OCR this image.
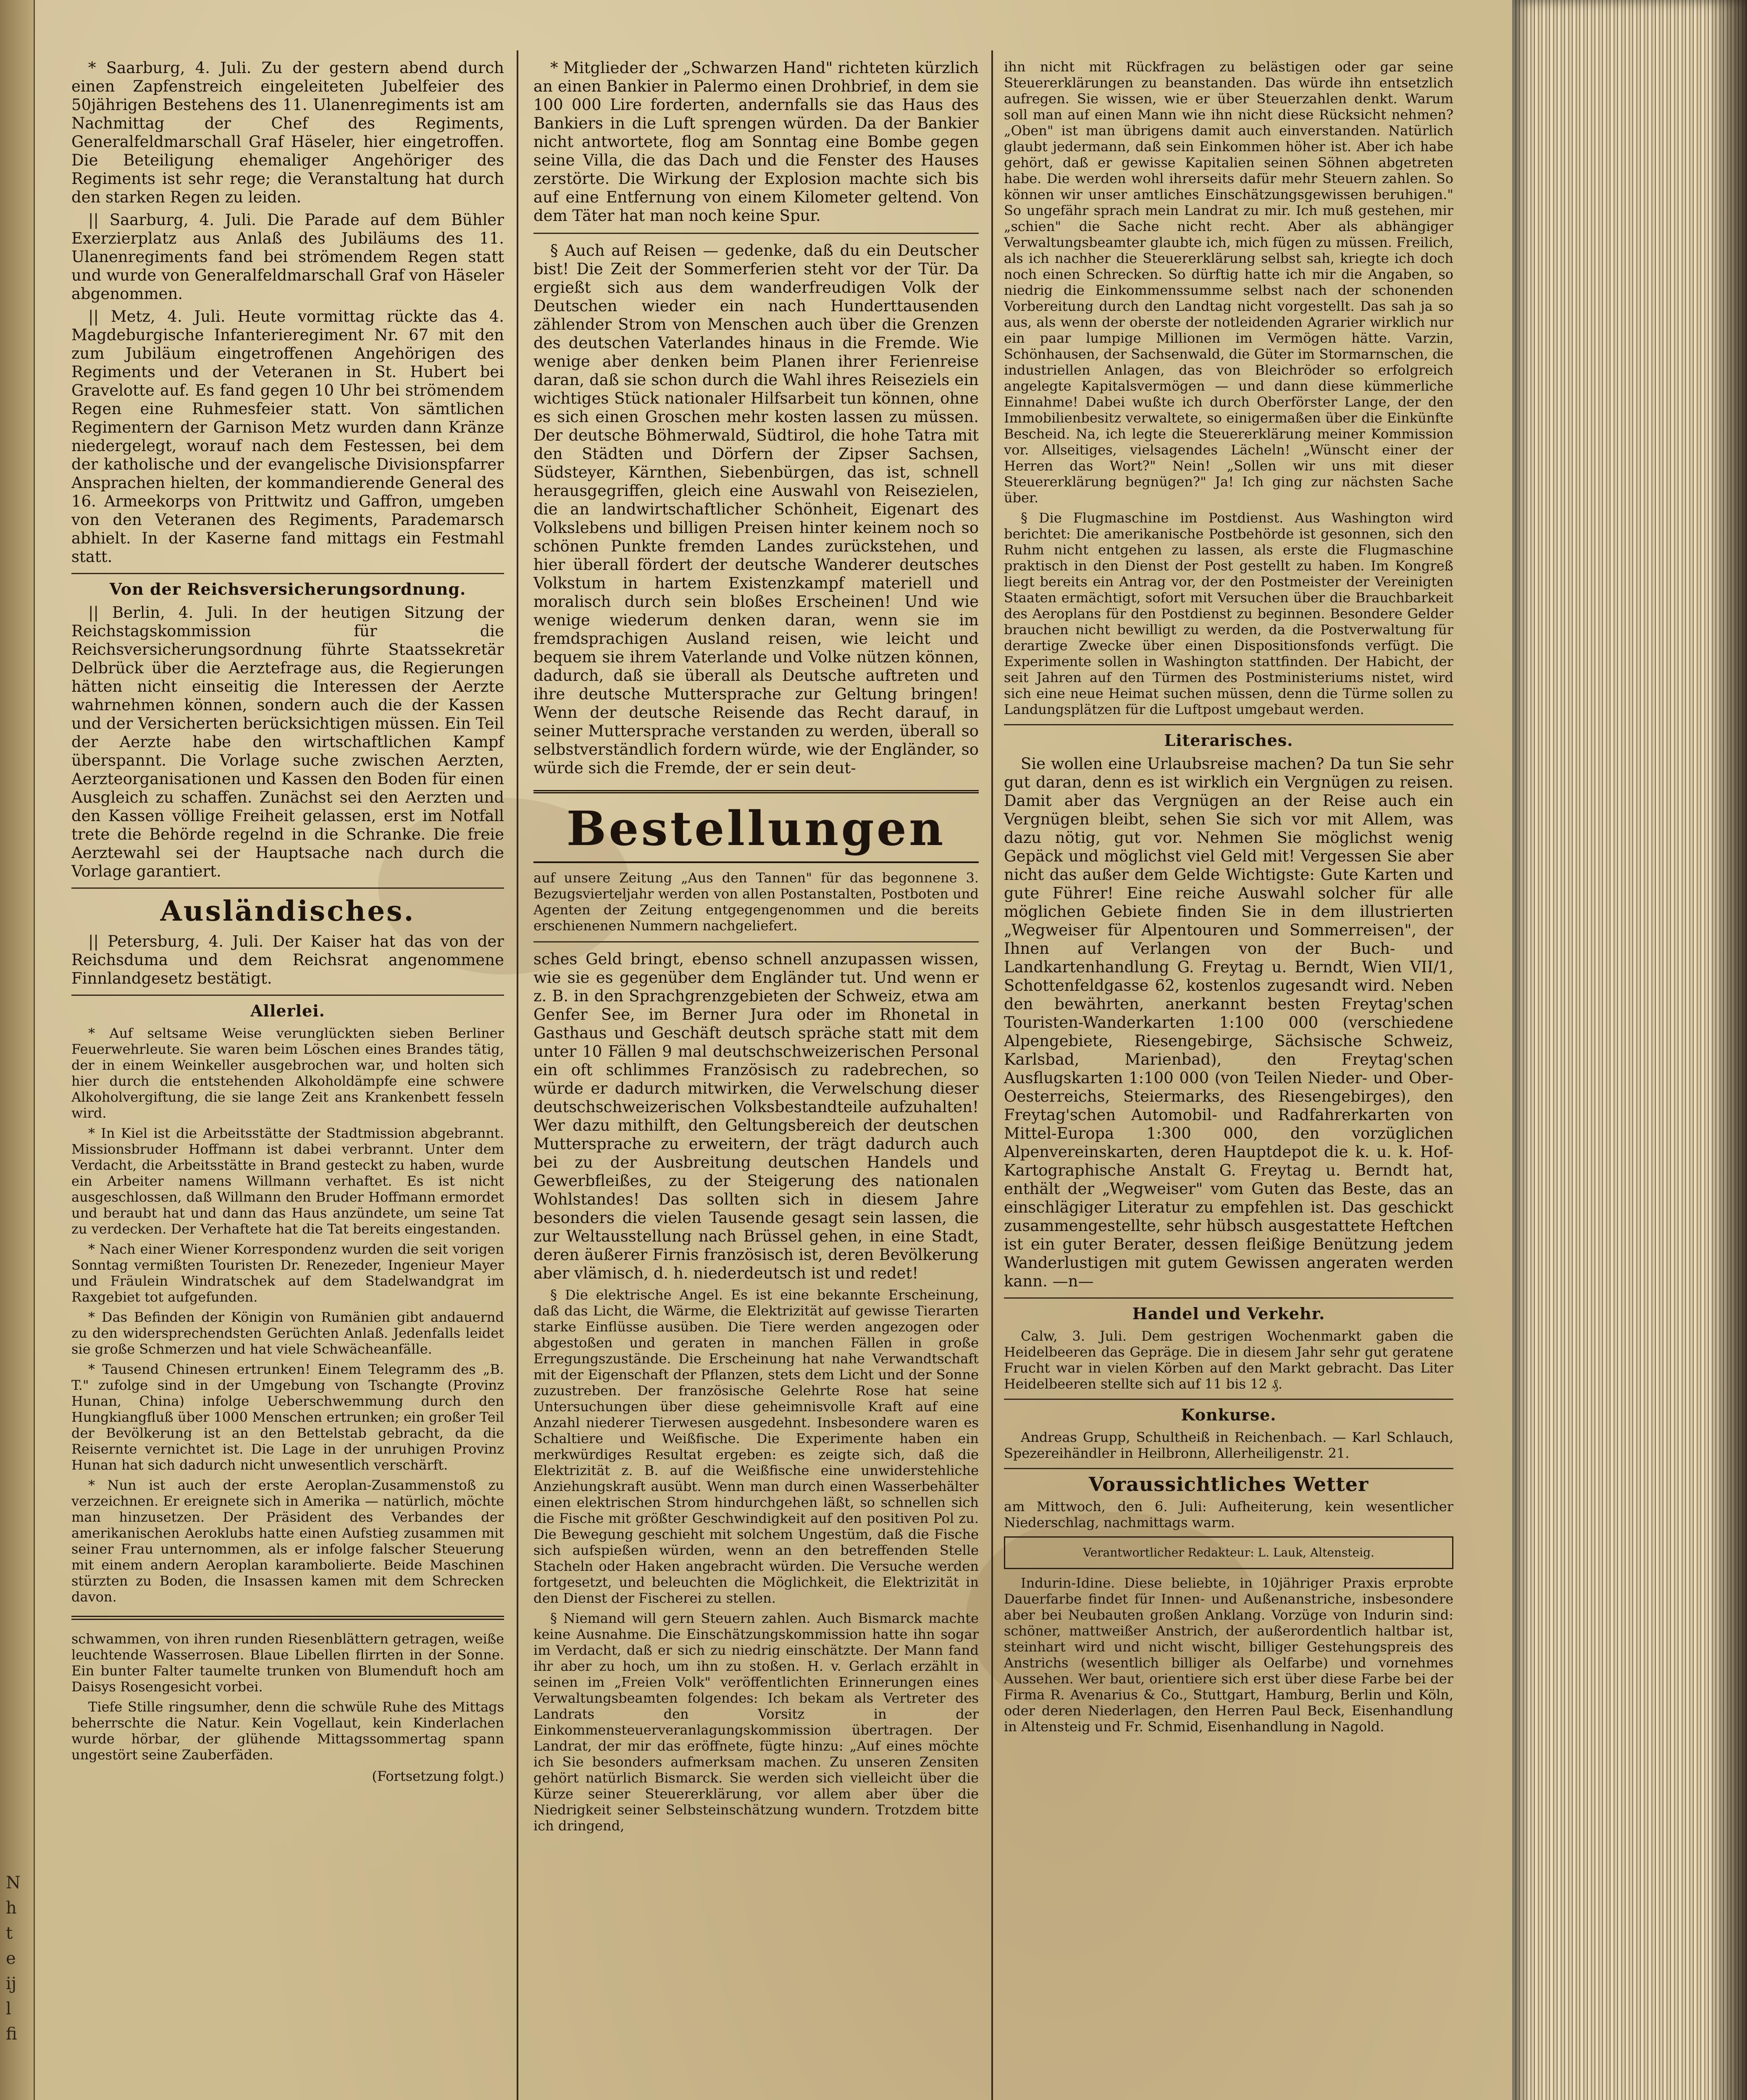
N
h
t
e
ij
l
fi

* Saarburg, 4. Juli. Zu der gestern abend durch einen Zapfenstreich eingeleiteten Jubelfeier des 50jährigen Bestehens des 11. Ulanenregiments ist am Nachmittag der Chef des Regiments, Generalfeldmarschall Graf Häseler, hier eingetroffen. Die Beteiligung ehemaliger Angehöriger des Regiments ist sehr rege; die Veranstaltung hat durch den starken Regen zu leiden.

|| Saarburg, 4. Juli. Die Parade auf dem Bühler Exerzierplatz aus Anlaß des Jubiläums des 11. Ulanenregiments fand bei strömendem Regen statt und wurde von Generalfeldmarschall Graf von Häseler abgenommen.

|| Metz, 4. Juli. Heute vormittag rückte das 4. Magdeburgische Infanterieregiment Nr. 67 mit den zum Jubiläum eingetroffenen Angehörigen des Regiments und der Veteranen in St. Hubert bei Gravelotte auf. Es fand gegen 10 Uhr bei strömendem Regen eine Ruhmesfeier statt. Von sämtlichen Regimentern der Garnison Metz wurden dann Kränze niedergelegt, worauf nach dem Festessen, bei dem der katholische und der evangelische Divisionspfarrer Ansprachen hielten, der kommandierende General des 16. Armeekorps von Prittwitz und Gaffron, umgeben von den Veteranen des Regiments, Parademarsch abhielt. In der Kaserne fand mittags ein Festmahl statt.

Von der Reichsversicherungsordnung.

|| Berlin, 4. Juli. In der heutigen Sitzung der Reichstagskommission für die Reichsversicherungsordnung führte Staatssekretär Delbrück über die Aerztefrage aus, die Regierungen hätten nicht einseitig die Interessen der Aerzte wahrnehmen können, sondern auch die der Kassen und der Versicherten berücksichtigen müssen. Ein Teil der Aerzte habe den wirtschaftlichen Kampf überspannt. Die Vorlage suche zwischen Aerzten, Aerzteorganisationen und Kassen den Boden für einen Ausgleich zu schaffen. Zunächst sei den Aerzten und den Kassen völlige Freiheit gelassen, erst im Notfall trete die Behörde regelnd in die Schranke. Die freie Aerztewahl sei der Hauptsache nach durch die Vorlage garantiert.

Ausländisches.

|| Petersburg, 4. Juli. Der Kaiser hat das von der Reichsduma und dem Reichsrat angenommene Finnlandgesetz bestätigt.

Allerlei.

* Auf seltsame Weise verunglückten sieben Berliner Feuerwehrleute. Sie waren beim Löschen eines Brandes tätig, der in einem Weinkeller ausgebrochen war, und holten sich hier durch die entstehenden Alkoholdämpfe eine schwere Alkoholvergiftung, die sie lange Zeit ans Krankenbett fesseln wird.

* In Kiel ist die Arbeitsstätte der Stadtmission abgebrannt. Missionsbruder Hoffmann ist dabei verbrannt. Unter dem Verdacht, die Arbeitsstätte in Brand gesteckt zu haben, wurde ein Arbeiter namens Willmann verhaftet. Es ist nicht ausgeschlossen, daß Willmann den Bruder Hoffmann ermordet und beraubt hat und dann das Haus anzündete, um seine Tat zu verdecken. Der Verhaftete hat die Tat bereits eingestanden.

* Nach einer Wiener Korrespondenz wurden die seit vorigen Sonntag vermißten Touristen Dr. Renezeder, Ingenieur Mayer und Fräulein Windratschek auf dem Stadelwandgrat im Raxgebiet tot aufgefunden.

* Das Befinden der Königin von Rumänien gibt andauernd zu den widersprechendsten Gerüchten Anlaß. Jedenfalls leidet sie große Schmerzen und hat viele Schwächeanfälle.

* Tausend Chinesen ertrunken! Einem Telegramm des „B. T." zufolge sind in der Umgebung von Tschangte (Provinz Hunan, China) infolge Ueberschwemmung durch den Hungkiangfluß über 1000 Menschen ertrunken; ein großer Teil der Bevölkerung ist an den Bettelstab gebracht, da die Reisernte vernichtet ist. Die Lage in der unruhigen Provinz Hunan hat sich dadurch nicht unwesentlich verschärft.

* Nun ist auch der erste Aeroplan-Zusammenstoß zu verzeichnen. Er ereignete sich in Amerika — natürlich, möchte man hinzusetzen. Der Präsident des Verbandes der amerikanischen Aeroklubs hatte einen Aufstieg zusammen mit seiner Frau unternommen, als er infolge falscher Steuerung mit einem andern Aeroplan karambolierte. Beide Maschinen stürzten zu Boden, die Insassen kamen mit dem Schrecken davon.

schwammen, von ihren runden Riesenblättern getragen, weiße leuchtende Wasserrosen. Blaue Libellen flirrten in der Sonne. Ein bunter Falter taumelte trunken von Blumenduft hoch am Daisys Rosengesicht vorbei.

Tiefe Stille ringsumher, denn die schwüle Ruhe des Mittags beherrschte die Natur. Kein Vogellaut, kein Kinderlachen wurde hörbar, der glühende Mittagssommertag spann ungestört seine Zauberfäden.

(Fortsetzung folgt.)

* Mitglieder der „Schwarzen Hand" richteten kürzlich an einen Bankier in Palermo einen Drohbrief, in dem sie 100 000 Lire forderten, andernfalls sie das Haus des Bankiers in die Luft sprengen würden. Da der Bankier nicht antwortete, flog am Sonntag eine Bombe gegen seine Villa, die das Dach und die Fenster des Hauses zerstörte. Die Wirkung der Explosion machte sich bis auf eine Entfernung von einem Kilometer geltend. Von dem Täter hat man noch keine Spur.

§ Auch auf Reisen — gedenke, daß du ein Deutscher bist! Die Zeit der Sommerferien steht vor der Tür. Da ergießt sich aus dem wanderfreudigen Volk der Deutschen wieder ein nach Hunderttausenden zählender Strom von Menschen auch über die Grenzen des deutschen Vaterlandes hinaus in die Fremde. Wie wenige aber denken beim Planen ihrer Ferienreise daran, daß sie schon durch die Wahl ihres Reiseziels ein wichtiges Stück nationaler Hilfsarbeit tun können, ohne es sich einen Groschen mehr kosten lassen zu müssen. Der deutsche Böhmerwald, Südtirol, die hohe Tatra mit den Städten und Dörfern der Zipser Sachsen, Südsteyer, Kärnthen, Siebenbürgen, das ist, schnell herausgegriffen, gleich eine Auswahl von Reisezielen, die an landwirtschaftlicher Schönheit, Eigenart des Volkslebens und billigen Preisen hinter keinem noch so schönen Punkte fremden Landes zurückstehen, und hier überall fördert der deutsche Wanderer deutsches Volkstum in hartem Existenzkampf materiell und moralisch durch sein bloßes Erscheinen! Und wie wenige wiederum denken daran, wenn sie im fremdsprachigen Ausland reisen, wie leicht und bequem sie ihrem Vaterlande und Volke nützen können, dadurch, daß sie überall als Deutsche auftreten und ihre deutsche Muttersprache zur Geltung bringen! Wenn der deutsche Reisende das Recht darauf, in seiner Muttersprache verstanden zu werden, überall so selbstverständlich fordern würde, wie der Engländer, so würde sich die Fremde, der er sein deut-

Bestellungen

auf unsere Zeitung „Aus den Tannen" für das begonnene 3. Bezugsvierteljahr werden von allen Postanstalten, Postboten und Agenten der Zeitung entgegengenommen und die bereits erschienenen Nummern nachgeliefert.

sches Geld bringt, ebenso schnell anzupassen wissen, wie sie es gegenüber dem Engländer tut. Und wenn er z. B. in den Sprachgrenzgebieten der Schweiz, etwa am Genfer See, im Berner Jura oder im Rhonetal in Gasthaus und Geschäft deutsch spräche statt mit dem unter 10 Fällen 9 mal deutschschweizerischen Personal ein oft schlimmes Französisch zu radebrechen, so würde er dadurch mitwirken, die Verwelschung dieser deutschschweizerischen Volksbestandteile aufzuhalten! Wer dazu mithilft, den Geltungsbereich der deutschen Muttersprache zu erweitern, der trägt dadurch auch bei zu der Ausbreitung deutschen Handels und Gewerbfleißes, zu der Steigerung des nationalen Wohlstandes! Das sollten sich in diesem Jahre besonders die vielen Tausende gesagt sein lassen, die zur Weltausstellung nach Brüssel gehen, in eine Stadt, deren äußerer Firnis französisch ist, deren Bevölkerung aber vlämisch, d. h. niederdeutsch ist und redet!

§ Die elektrische Angel. Es ist eine bekannte Erscheinung, daß das Licht, die Wärme, die Elektrizität auf gewisse Tierarten starke Einflüsse ausüben. Die Tiere werden angezogen oder abgestoßen und geraten in manchen Fällen in große Erregungszustände. Die Erscheinung hat nahe Verwandtschaft mit der Eigenschaft der Pflanzen, stets dem Licht und der Sonne zuzustreben. Der französische Gelehrte Rose hat seine Untersuchungen über diese geheimnisvolle Kraft auf eine Anzahl niederer Tierwesen ausgedehnt. Insbesondere waren es Schaltiere und Weißfische. Die Experimente haben ein merkwürdiges Resultat ergeben: es zeigte sich, daß die Elektrizität z. B. auf die Weißfische eine unwiderstehliche Anziehungskraft ausübt. Wenn man durch einen Wasserbehälter einen elektrischen Strom hindurchgehen läßt, so schnellen sich die Fische mit größter Geschwindigkeit auf den positiven Pol zu. Die Bewegung geschieht mit solchem Ungestüm, daß die Fische sich aufspießen würden, wenn an den betreffenden Stelle Stacheln oder Haken angebracht würden. Die Versuche werden fortgesetzt, und beleuchten die Möglichkeit, die Elektrizität in den Dienst der Fischerei zu stellen.

§ Niemand will gern Steuern zahlen. Auch Bismarck machte keine Ausnahme. Die Einschätzungskommission hatte ihn sogar im Verdacht, daß er sich zu niedrig einschätzte. Der Mann fand ihr aber zu hoch, um ihn zu stoßen. H. v. Gerlach erzählt in seinen im „Freien Volk" veröffentlichten Erinnerungen eines Verwaltungsbeamten folgendes: Ich bekam als Vertreter des Landrats den Vorsitz in der Einkommensteuerveranlagungskommission übertragen. Der Landrat, der mir das eröffnete, fügte hinzu: „Auf eines möchte ich Sie besonders aufmerksam machen. Zu unseren Zensiten gehört natürlich Bismarck. Sie werden sich vielleicht über die Kürze seiner Steuererklärung, vor allem aber über die Niedrigkeit seiner Selbsteinschätzung wundern. Trotzdem bitte ich dringend,

ihn nicht mit Rückfragen zu belästigen oder gar seine Steuererklärungen zu beanstanden. Das würde ihn entsetzlich aufregen. Sie wissen, wie er über Steuerzahlen denkt. Warum soll man auf einen Mann wie ihn nicht diese Rücksicht nehmen? „Oben" ist man übrigens damit auch einverstanden. Natürlich glaubt jedermann, daß sein Einkommen höher ist. Aber ich habe gehört, daß er gewisse Kapitalien seinen Söhnen abgetreten habe. Die werden wohl ihrerseits dafür mehr Steuern zahlen. So können wir unser amtliches Einschätzungsgewissen beruhigen." So ungefähr sprach mein Landrat zu mir. Ich muß gestehen, mir „schien" die Sache nicht recht. Aber als abhängiger Verwaltungsbeamter glaubte ich, mich fügen zu müssen. Freilich, als ich nachher die Steuererklärung selbst sah, kriegte ich doch noch einen Schrecken. So dürftig hatte ich mir die Angaben, so niedrig die Einkommenssumme selbst nach der schonenden Vorbereitung durch den Landtag nicht vorgestellt. Das sah ja so aus, als wenn der oberste der notleidenden Agrarier wirklich nur ein paar lumpige Millionen im Vermögen hätte. Varzin, Schönhausen, der Sachsenwald, die Güter im Stormarnschen, die industriellen Anlagen, das von Bleichröder so erfolgreich angelegte Kapitalsvermögen — und dann diese kümmerliche Einnahme! Dabei wußte ich durch Oberförster Lange, der den Immobilienbesitz verwaltete, so einigermaßen über die Einkünfte Bescheid. Na, ich legte die Steuererklärung meiner Kommission vor. Allseitiges, vielsagendes Lächeln! „Wünscht einer der Herren das Wort?" Nein! „Sollen wir uns mit dieser Steuererklärung begnügen?" Ja! Ich ging zur nächsten Sache über.

§ Die Flugmaschine im Postdienst. Aus Washington wird berichtet: Die amerikanische Postbehörde ist gesonnen, sich den Ruhm nicht entgehen zu lassen, als erste die Flugmaschine praktisch in den Dienst der Post gestellt zu haben. Im Kongreß liegt bereits ein Antrag vor, der den Postmeister der Vereinigten Staaten ermächtigt, sofort mit Versuchen über die Brauchbarkeit des Aeroplans für den Postdienst zu beginnen. Besondere Gelder brauchen nicht bewilligt zu werden, da die Postverwaltung für derartige Zwecke über einen Dispositionsfonds verfügt. Die Experimente sollen in Washington stattfinden. Der Habicht, der seit Jahren auf den Türmen des Postministeriums nistet, wird sich eine neue Heimat suchen müssen, denn die Türme sollen zu Landungsplätzen für die Luftpost umgebaut werden.

Literarisches.

Sie wollen eine Urlaubsreise machen? Da tun Sie sehr gut daran, denn es ist wirklich ein Vergnügen zu reisen. Damit aber das Vergnügen an der Reise auch ein Vergnügen bleibt, sehen Sie sich vor mit Allem, was dazu nötig, gut vor. Nehmen Sie möglichst wenig Gepäck und möglichst viel Geld mit! Vergessen Sie aber nicht das außer dem Gelde Wichtigste: Gute Karten und gute Führer! Eine reiche Auswahl solcher für alle möglichen Gebiete finden Sie in dem illustrierten „Wegweiser für Alpentouren und Sommerreisen", der Ihnen auf Verlangen von der Buch- und Landkartenhandlung G. Freytag u. Berndt, Wien VII/1, Schottenfeldgasse 62, kostenlos zugesandt wird. Neben den bewährten, anerkannt besten Freytag'schen Touristen-Wanderkarten 1:100 000 (verschiedene Alpengebiete, Riesengebirge, Sächsische Schweiz, Karlsbad, Marienbad), den Freytag'schen Ausflugskarten 1:100 000 (von Teilen Nieder- und Ober-Oesterreichs, Steiermarks, des Riesengebirges), den Freytag'schen Automobil- und Radfahrerkarten von Mittel-Europa 1:300 000, den vorzüglichen Alpenvereinskarten, deren Hauptdepot die k. u. k. Hof-Kartographische Anstalt G. Freytag u. Berndt hat, enthält der „Wegweiser" vom Guten das Beste, das an einschlägiger Literatur zu empfehlen ist. Das geschickt zusammengestellte, sehr hübsch ausgestattete Heftchen ist ein guter Berater, dessen fleißige Benützung jedem Wanderlustigen mit gutem Gewissen angeraten werden kann. —n—

Handel und Verkehr.

Calw, 3. Juli. Dem gestrigen Wochenmarkt gaben die Heidelbeeren das Gepräge. Die in diesem Jahr sehr gut geratene Frucht war in vielen Körben auf den Markt gebracht. Das Liter Heidelbeeren stellte sich auf 11 bis 12 ₰.

Konkurse.

Andreas Grupp, Schultheiß in Reichenbach. — Karl Schlauch, Spezereihändler in Heilbronn, Allerheiligenstr. 21.

Voraussichtliches Wetter

am Mittwoch, den 6. Juli: Aufheiterung, kein wesentlicher Niederschlag, nachmittags warm.

Verantwortlicher Redakteur: L. Lauk, Altensteig.

Indurin-Idine. Diese beliebte, in 10jähriger Praxis erprobte Dauerfarbe findet für Innen- und Außenanstriche, insbesondere aber bei Neubauten großen Anklang. Vorzüge von Indurin sind: schöner, mattweißer Anstrich, der außerordentlich haltbar ist, steinhart wird und nicht wischt, billiger Gestehungspreis des Anstrichs (wesentlich billiger als Oelfarbe) und vornehmes Aussehen. Wer baut, orientiere sich erst über diese Farbe bei der Firma R. Avenarius & Co., Stuttgart, Hamburg, Berlin und Köln, oder deren Niederlagen, den Herren Paul Beck, Eisenhandlung in Altensteig und Fr. Schmid, Eisenhandlung in Nagold.
